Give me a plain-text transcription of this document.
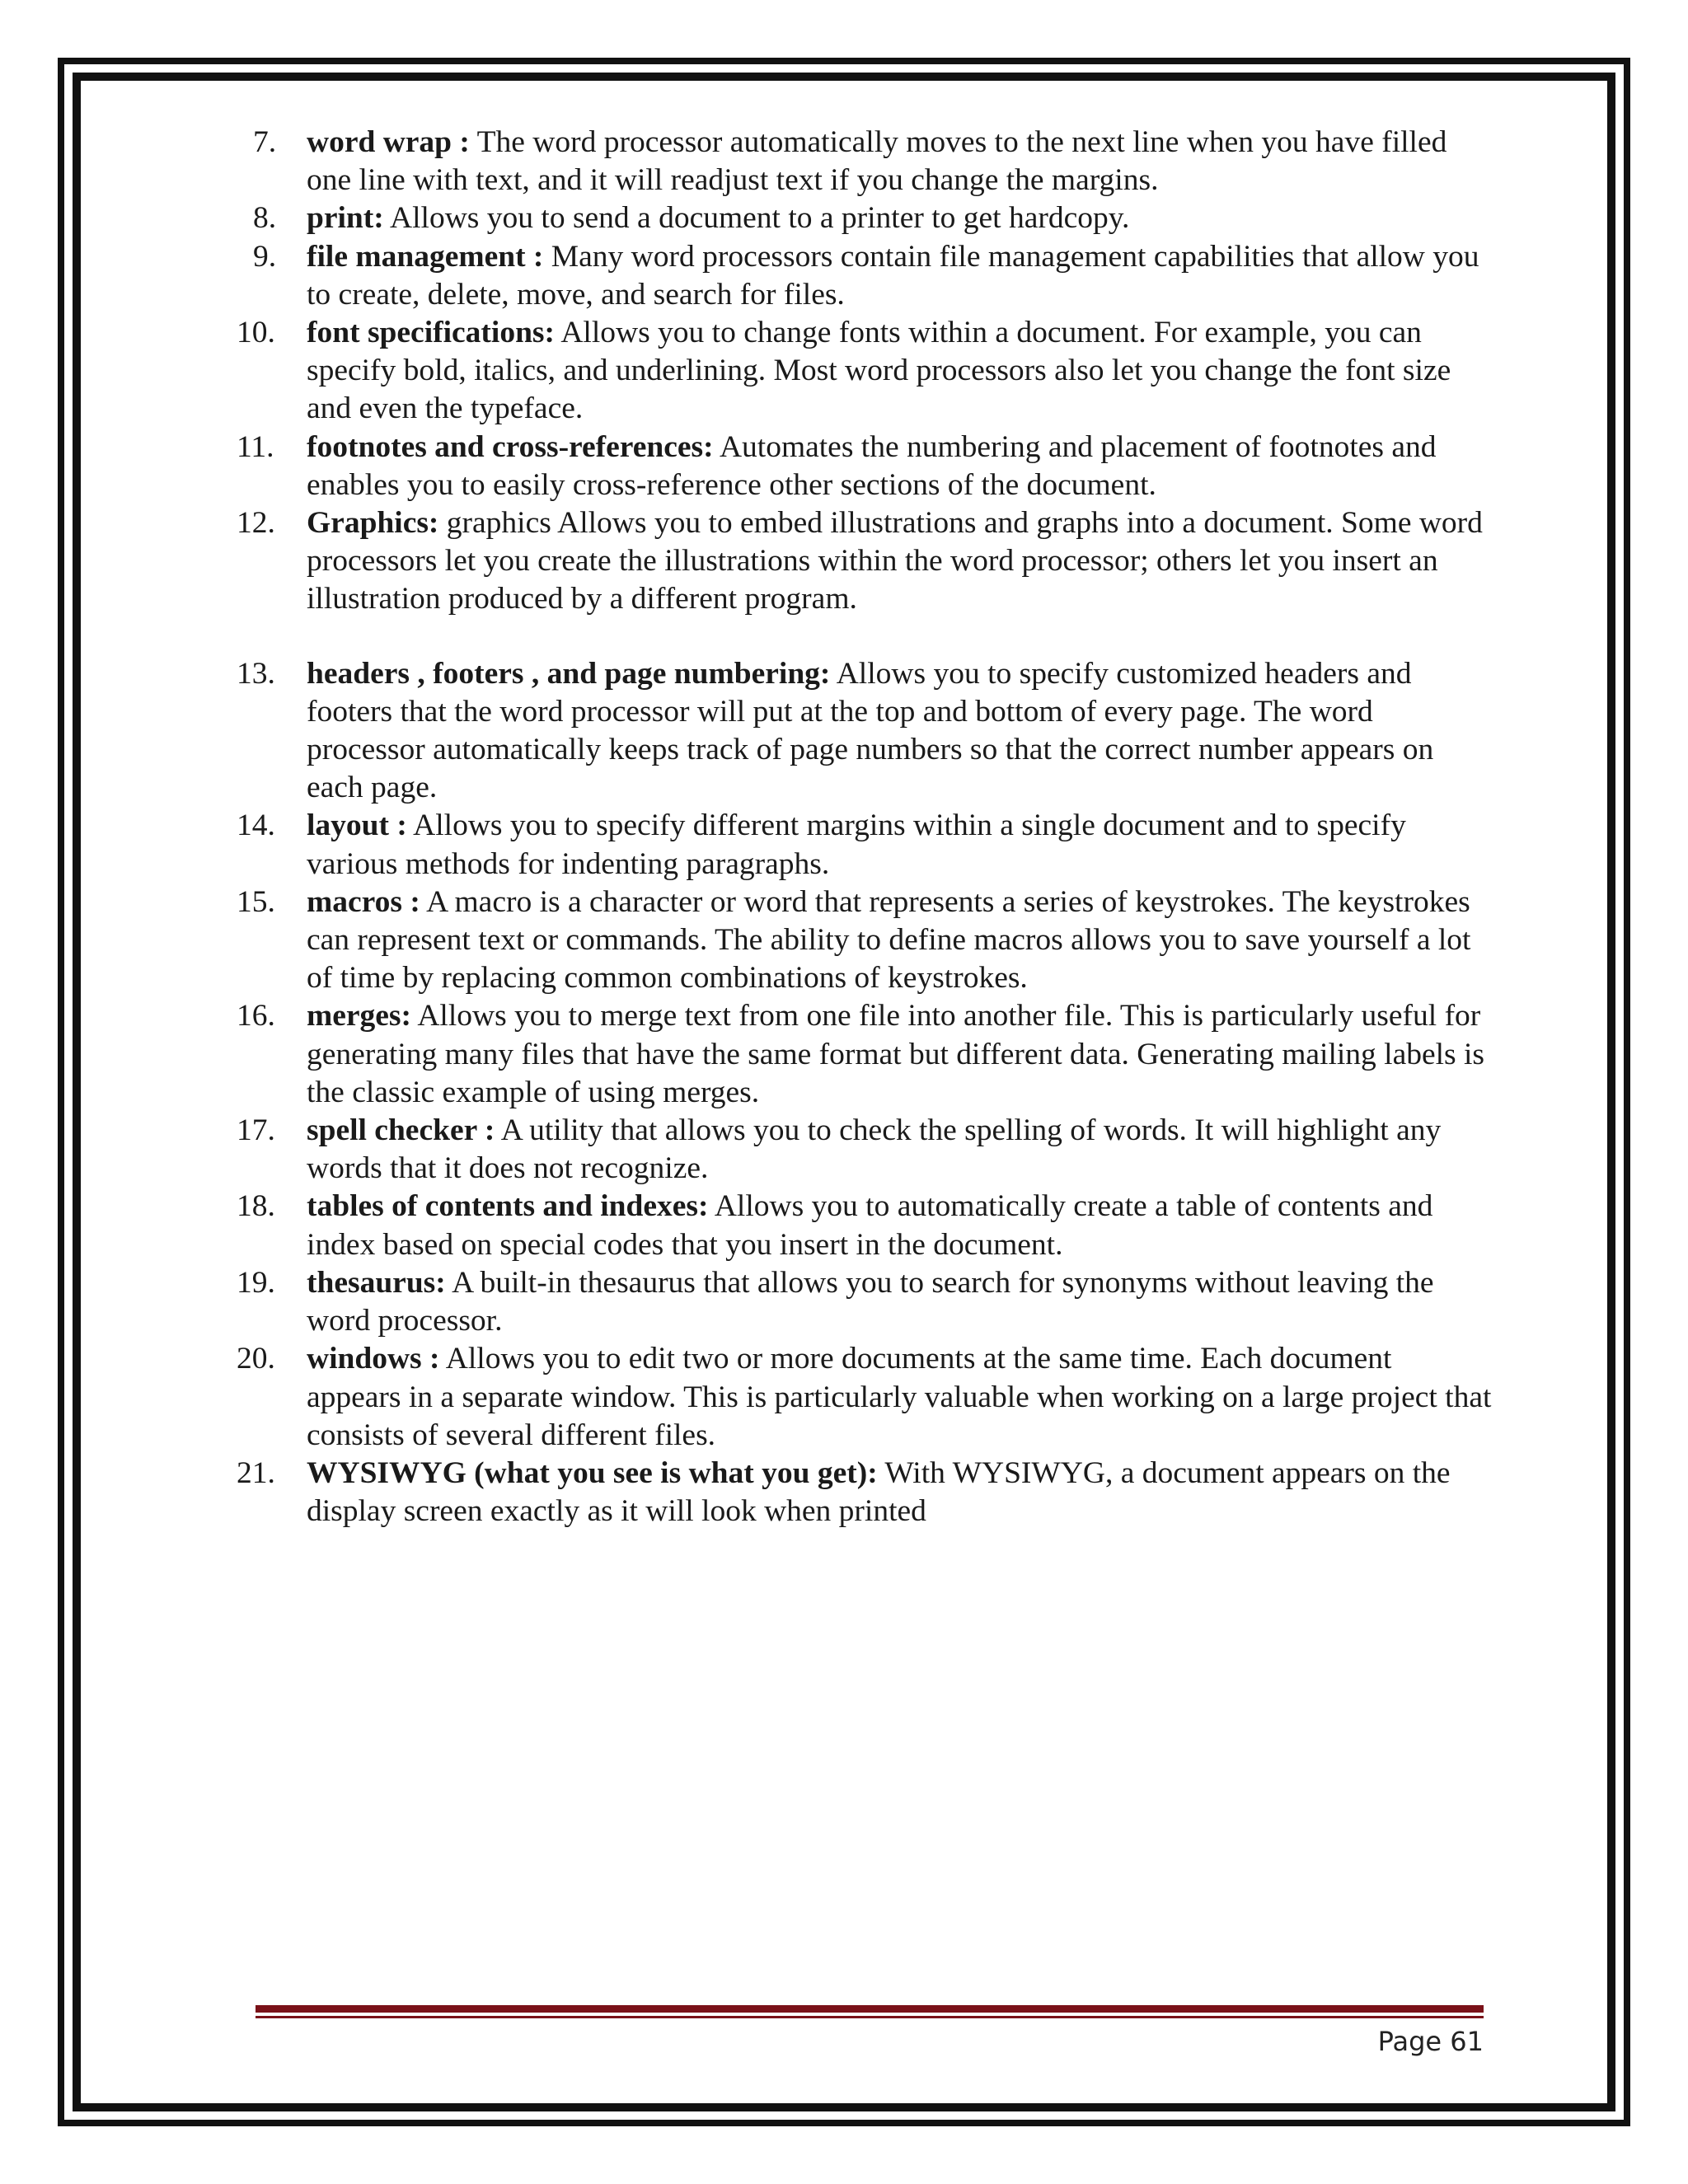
7. word wrap : The word processor automatically moves to the next line when you have filled one line with text, and it will readjust text if you change the margins.
8. print: Allows you to send a document to a printer to get hardcopy.
9. file management : Many word processors contain file management capabilities that allow you to create, delete, move, and search for files.
10.	font specifications: Allows you to change fonts within a document. For example, you can specify bold, italics, and underlining. Most word processors also let you change the font size and even the typeface.
11.	footnotes and cross-references: Automates the numbering and placement of footnotes and enables you to easily cross-reference other sections of the document.
12.	Graphics: graphics Allows you to embed illustrations and graphs into a document. Some word processors let you create the illustrations within the word processor; others let you insert an illustration produced by a different program.
13.	headers , footers , and page numbering: Allows you to specify customized headers and footers that the word processor will put at the top and bottom of every page. The word processor automatically keeps track of page numbers so that the correct number appears on each page.
14.	layout : Allows you to specify different margins within a single document and to specify various methods for indenting paragraphs.
15.	macros : A macro is a character or word that represents a series of keystrokes. The keystrokes can represent text or commands. The ability to define macros allows you to save yourself a lot of time by replacing common combinations of keystrokes.
16.	merges: Allows you to merge text from one file into another file. This is particularly useful for generating many files that have the same format but different data. Generating mailing labels is the classic example of using merges.
17.	spell checker : A utility that allows you to check the spelling of words. It will highlight any words that it does not recognize.
18.	tables of contents and indexes: Allows you to automatically create a table of contents and index based on special codes that you insert in the document.
19.	thesaurus: A built-in thesaurus that allows you to search for synonyms without leaving the word processor.
20.	windows : Allows you to edit two or more documents at the same time. Each document appears in a separate window. This is particularly valuable when working on a large project that consists of several different files.
21.	WYSIWYG (what you see is what you get): With WYSIWYG, a document appears on the display screen exactly as it will look when printed
Page 61
